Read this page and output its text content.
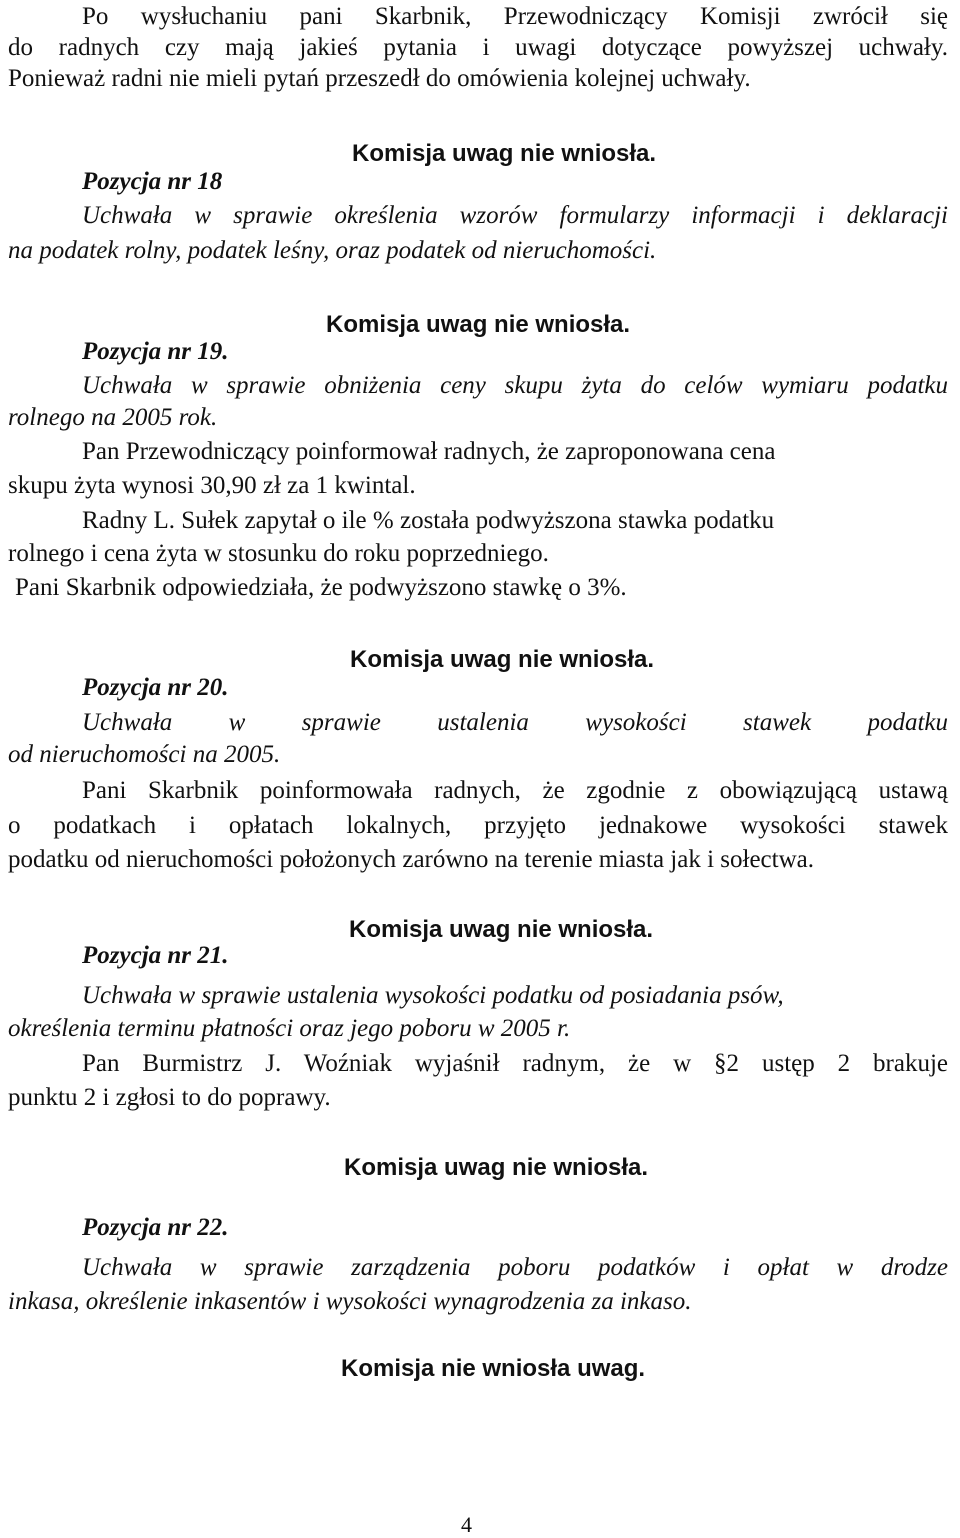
Po wysłuchaniu pani Skarbnik, Przewodniczący Komisji zwrócił się
do radnych czy mają jakieś pytania i uwagi dotyczące powyższej uchwały.
Ponieważ radni nie mieli pytań przeszedł do omówienia kolejnej uchwały.
Komisja uwag nie wniosła.
Pozycja nr 18
Uchwała w sprawie określenia wzorów formularzy informacji i deklaracji
na podatek rolny, podatek leśny, oraz podatek od nieruchomości.
Komisja uwag nie wniosła.
Pozycja nr 19.
Uchwała w sprawie obniżenia ceny skupu żyta do celów wymiaru podatku
rolnego na 2005 rok.
Pan Przewodniczący poinformował radnych, że zaproponowana cena
skupu żyta wynosi 30,90 zł za 1 kwintal.
Radny L. Sułek zapytał o ile % została podwyższona stawka podatku
rolnego i cena żyta w stosunku do roku poprzedniego.
Pani Skarbnik odpowiedziała, że podwyższono stawkę o 3%.
Komisja uwag nie wniosła.
Pozycja nr 20.
Uchwała w sprawie ustalenia wysokości stawek podatku
od nieruchomości na 2005.
Pani Skarbnik poinformowała radnych, że zgodnie z obowiązującą ustawą
o podatkach i opłatach lokalnych, przyjęto jednakowe wysokości stawek
podatku od nieruchomości położonych zarówno na terenie miasta jak i sołectwa.
Komisja uwag nie wniosła.
Pozycja nr 21.
Uchwała w sprawie ustalenia wysokości podatku od posiadania psów,
określenia terminu płatności oraz jego poboru w 2005 r.
Pan Burmistrz J. Woźniak wyjaśnił radnym, że w §2 ustęp 2 brakuje
punktu 2 i zgłosi to do poprawy.
Komisja uwag nie wniosła.
Pozycja nr 22.
Uchwała w sprawie zarządzenia poboru podatków i opłat w drodze
inkasa, określenie inkasentów i wysokości wynagrodzenia za inkaso.
Komisja nie wniosła uwag.
4
